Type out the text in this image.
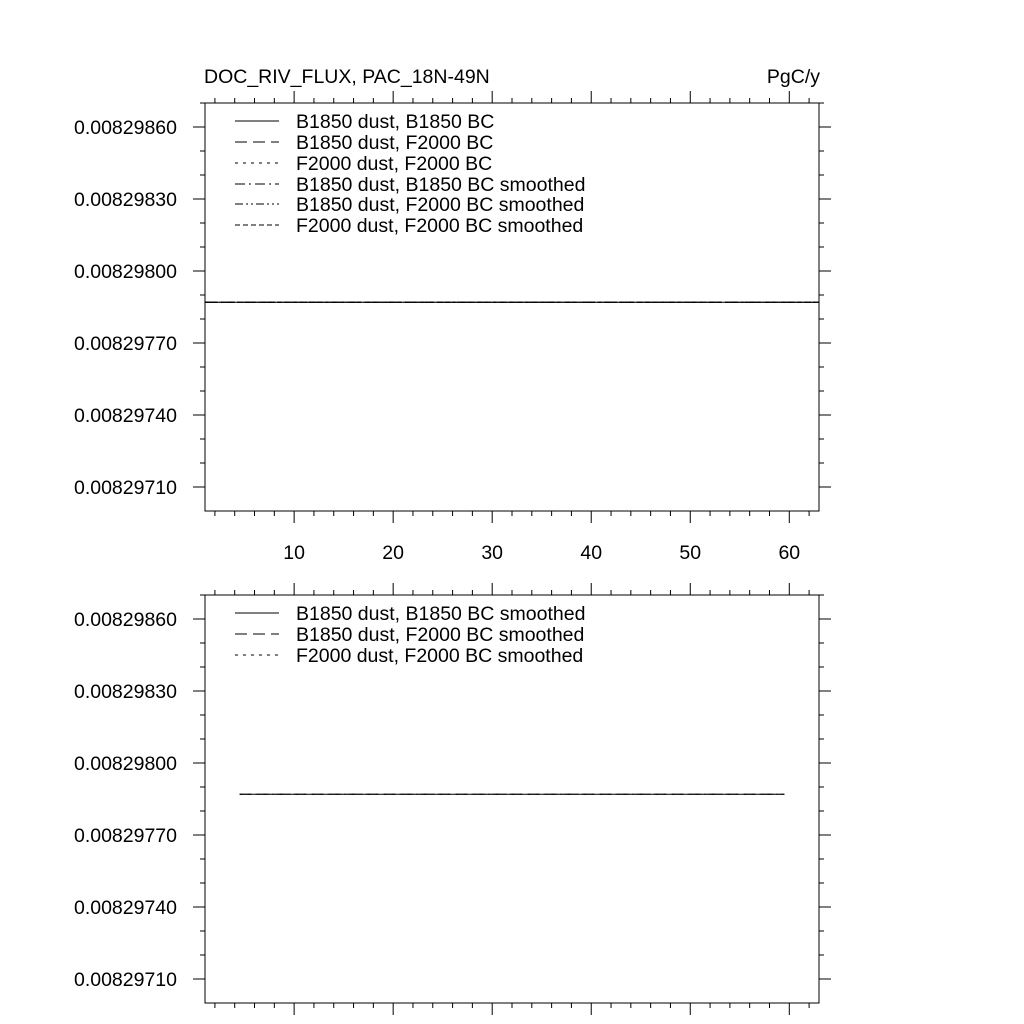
DOC_RIV_FLUX, PAC_18N-49N	PgC/y
10	20	30	40	50	60
0.00829710
0.00829740
0.00829770
0.00829800
0.00829830
0.00829860	B1850 dust, B1850 BC
B1850 dust, F2000 BC
F2000 dust, F2000 BC
B1850 dust, B1850 BC smoothed
B1850 dust, F2000 BC smoothed
F2000 dust, F2000 BC smoothed
0.00829710
0.00829740
0.00829770
0.00829800
0.00829830
0.00829860	B1850 dust, B1850 BC smoothed
B1850 dust, F2000 BC smoothed
F2000 dust, F2000 BC smoothed
